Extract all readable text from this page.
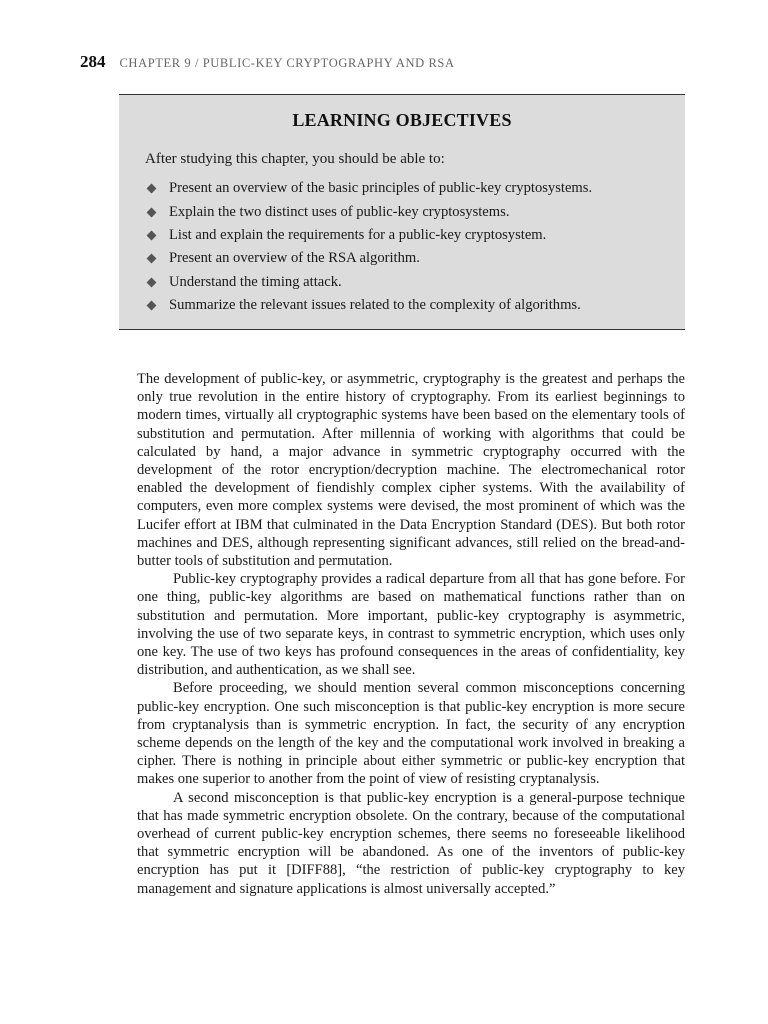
284 CHAPTER 9 / PUBLIC-KEY CRYPTOGRAPHY AND RSA
LEARNING OBJECTIVES
After studying this chapter, you should be able to:
Present an overview of the basic principles of public-key cryptosystems.
Explain the two distinct uses of public-key cryptosystems.
List and explain the requirements for a public-key cryptosystem.
Present an overview of the RSA algorithm.
Understand the timing attack.
Summarize the relevant issues related to the complexity of algorithms.

The development of public-key, or asymmetric, cryptography is the greatest and perhaps the only true revolution in the entire history of cryptography. From its earliest beginnings to modern times, virtually all cryptographic systems have been based on the elementary tools of substitution and permutation. After millennia of working with algorithms that could be calculated by hand, a major advance in symmetric cryptography occurred with the development of the rotor encryption/decryption machine. The electromechanical rotor enabled the development of fiendishly complex cipher systems. With the availability of computers, even more complex systems were devised, the most prominent of which was the Lucifer effort at IBM that culminated in the Data Encryption Standard (DES). But both rotor machines and DES, although representing significant advances, still relied on the bread-and-butter tools of substitution and permutation.

Public-key cryptography provides a radical departure from all that has gone before. For one thing, public-key algorithms are based on mathematical functions rather than on substitution and permutation. More important, public-key cryptography is asymmetric, involving the use of two separate keys, in contrast to symmetric encryption, which uses only one key. The use of two keys has profound consequences in the areas of confidentiality, key distribution, and authentication, as we shall see.

Before proceeding, we should mention several common misconceptions concerning public-key encryption. One such misconception is that public-key encryption is more secure from cryptanalysis than is symmetric encryption. In fact, the security of any encryption scheme depends on the length of the key and the computational work involved in breaking a cipher. There is nothing in principle about either symmetric or public-key encryption that makes one superior to another from the point of view of resisting cryptanalysis.

A second misconception is that public-key encryption is a general-purpose technique that has made symmetric encryption obsolete. On the contrary, because of the computational overhead of current public-key encryption schemes, there seems no foreseeable likelihood that symmetric encryption will be abandoned. As one of the inventors of public-key encryption has put it [DIFF88], “the restriction of public-key cryptography to key management and signature applications is almost universally accepted.”
